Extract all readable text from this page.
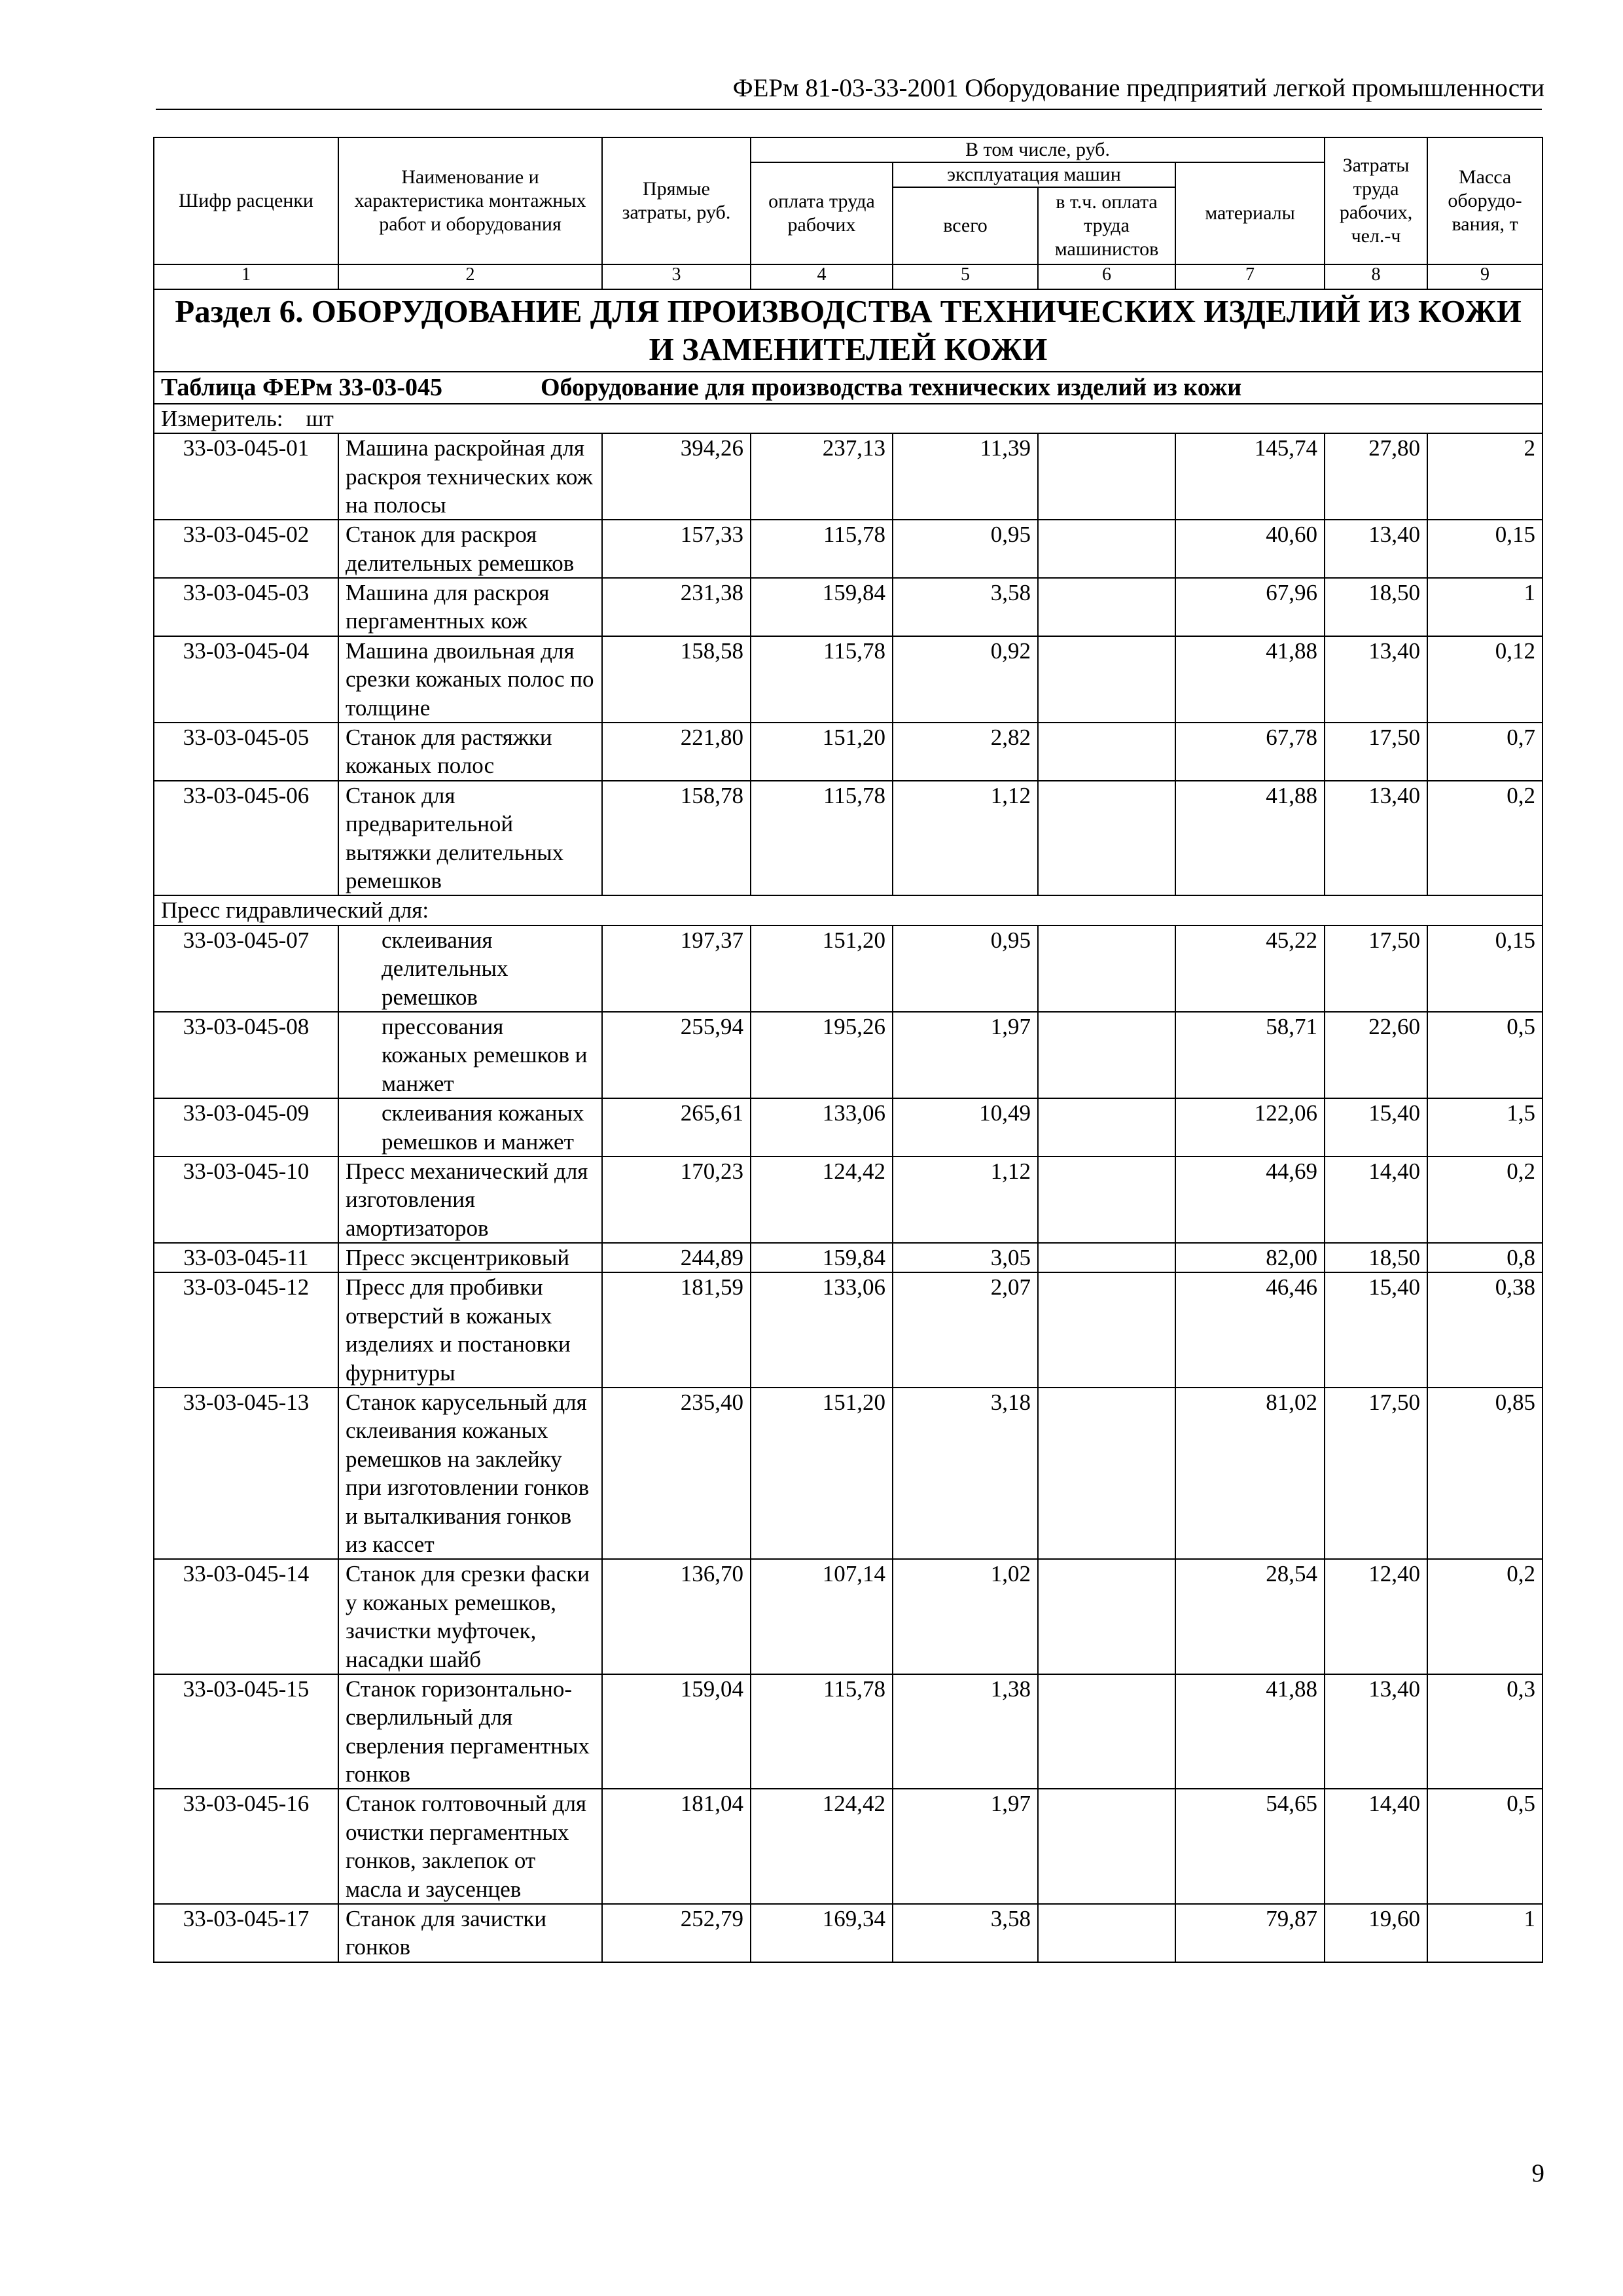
ФЕРм 81-03-33-2001 Оборудование предприятий легкой промышленности
Шифр расценки	Наименование и характеристика монтажных работ и оборудования	Прямые затраты, руб.	В том числе, руб.				Затраты труда рабочих, чел.-ч	Масса оборудо-вания, т
			оплата труда рабочих	эксплуатация машин		материалы		
				всего	в т.ч. оплата труда машинистов			
1	2	3	4	5	6	7	8	9
Раздел 6. ОБОРУДОВАНИЕ ДЛЯ ПРОИЗВОДСТВА ТЕХНИЧЕСКИХ ИЗДЕЛИЙ ИЗ КОЖИ И ЗАМЕНИТЕЛЕЙ КОЖИ								
Таблица ФЕРм 33-03-045 Оборудование для производства технических изделий из кожи								
Измеритель:    шт								
33-03-045-01	Машина раскройная для раскроя технических кож на полосы	394,26	237,13	11,39		145,74	27,80	2
33-03-045-02	Станок для раскроя делительных ремешков	157,33	115,78	0,95		40,60	13,40	0,15
33-03-045-03	Машина для раскроя пергаментных кож	231,38	159,84	3,58		67,96	18,50	1
33-03-045-04	Машина двоильная для срезки кожаных полос по толщине	158,58	115,78	0,92		41,88	13,40	0,12
33-03-045-05	Станок для растяжки кожаных полос	221,80	151,20	2,82		67,78	17,50	0,7
33-03-045-06	Станок для предварительной вытяжки делительных ремешков	158,78	115,78	1,12		41,88	13,40	0,2
Пресс гидравлический для:								
33-03-045-07	склеивания делительных ремешков	197,37	151,20	0,95		45,22	17,50	0,15
33-03-045-08	прессования кожаных ремешков и манжет	255,94	195,26	1,97		58,71	22,60	0,5
33-03-045-09	склеивания кожаных ремешков и манжет	265,61	133,06	10,49		122,06	15,40	1,5
33-03-045-10	Пресс механический для изготовления амортизаторов	170,23	124,42	1,12		44,69	14,40	0,2
33-03-045-11	Пресс эксцентриковый	244,89	159,84	3,05		82,00	18,50	0,8
33-03-045-12	Пресс для пробивки отверстий в кожаных изделиях и постановки фурнитуры	181,59	133,06	2,07		46,46	15,40	0,38
33-03-045-13	Станок карусельный для склеивания кожаных ремешков на заклейку при изготовлении гонков и выталкивания гонков из кассет	235,40	151,20	3,18		81,02	17,50	0,85
33-03-045-14	Станок для срезки фаски у кожаных ремешков, зачистки муфточек, насадки шайб	136,70	107,14	1,02		28,54	12,40	0,2
33-03-045-15	Станок горизонтально-сверлильный для сверления пергаментных гонков	159,04	115,78	1,38		41,88	13,40	0,3
33-03-045-16	Станок голтовочный для очистки пергаментных гонков, заклепок от масла и заусенцев	181,04	124,42	1,97		54,65	14,40	0,5
33-03-045-17	Станок для зачистки гонков	252,79	169,34	3,58		79,87	19,60	1
9
